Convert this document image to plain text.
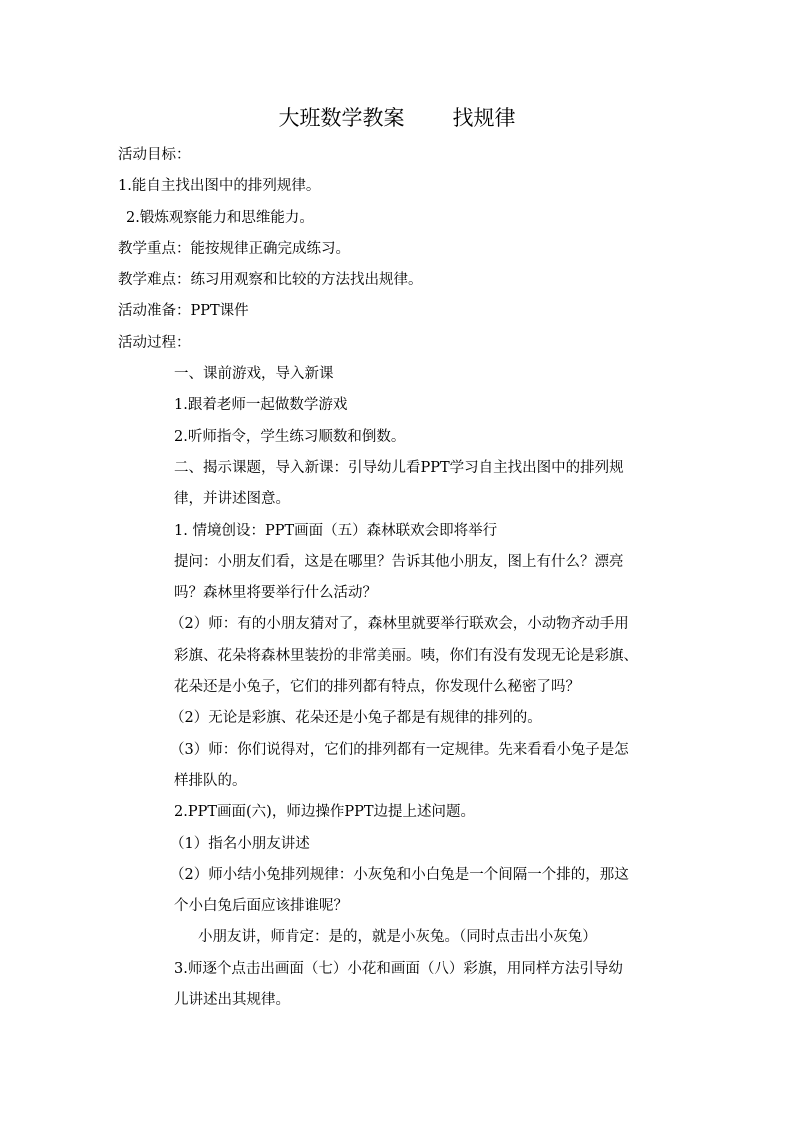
大班数学教案 找规律
活动目标：
1.能自主找出图中的排列规律。
2.锻炼观察能力和思维能力。
教学重点：能按规律正确完成练习。
教学难点：练习用观察和比较的方法找出规律。
活动准备：PPT课件
活动过程：
一、课前游戏，导入新课
1.跟着老师一起做数学游戏
2.听师指令，学生练习顺数和倒数。
二、揭示课题，导入新课：引导幼儿看PPT学习自主找出图中的排列规
律，并讲述图意。
1. 情境创设：PPT画面（五）森林联欢会即将举行
提问：小朋友们看，这是在哪里？告诉其他小朋友，图上有什么？漂亮
吗？森林里将要举行什么活动？
（2）师：有的小朋友猜对了，森林里就要举行联欢会，小动物齐动手用
彩旗、花朵将森林里装扮的非常美丽。咦，你们有没有发现无论是彩旗、
花朵还是小兔子，它们的排列都有特点，你发现什么秘密了吗？
（2）无论是彩旗、花朵还是小兔子都是有规律的排列的。
（3）师：你们说得对，它们的排列都有一定规律。先来看看小兔子是怎
样排队的。
2.PPT画面(六)，师边操作PPT边提上述问题。
（1）指名小朋友讲述
（2）师小结小兔排列规律：小灰兔和小白兔是一个间隔一个排的，那这
个小白兔后面应该排谁呢？
小朋友讲，师肯定：是的，就是小灰兔。（同时点击出小灰兔）
3.师逐个点击出画面（七）小花和画面（八）彩旗，用同样方法引导幼
儿讲述出其规律。
